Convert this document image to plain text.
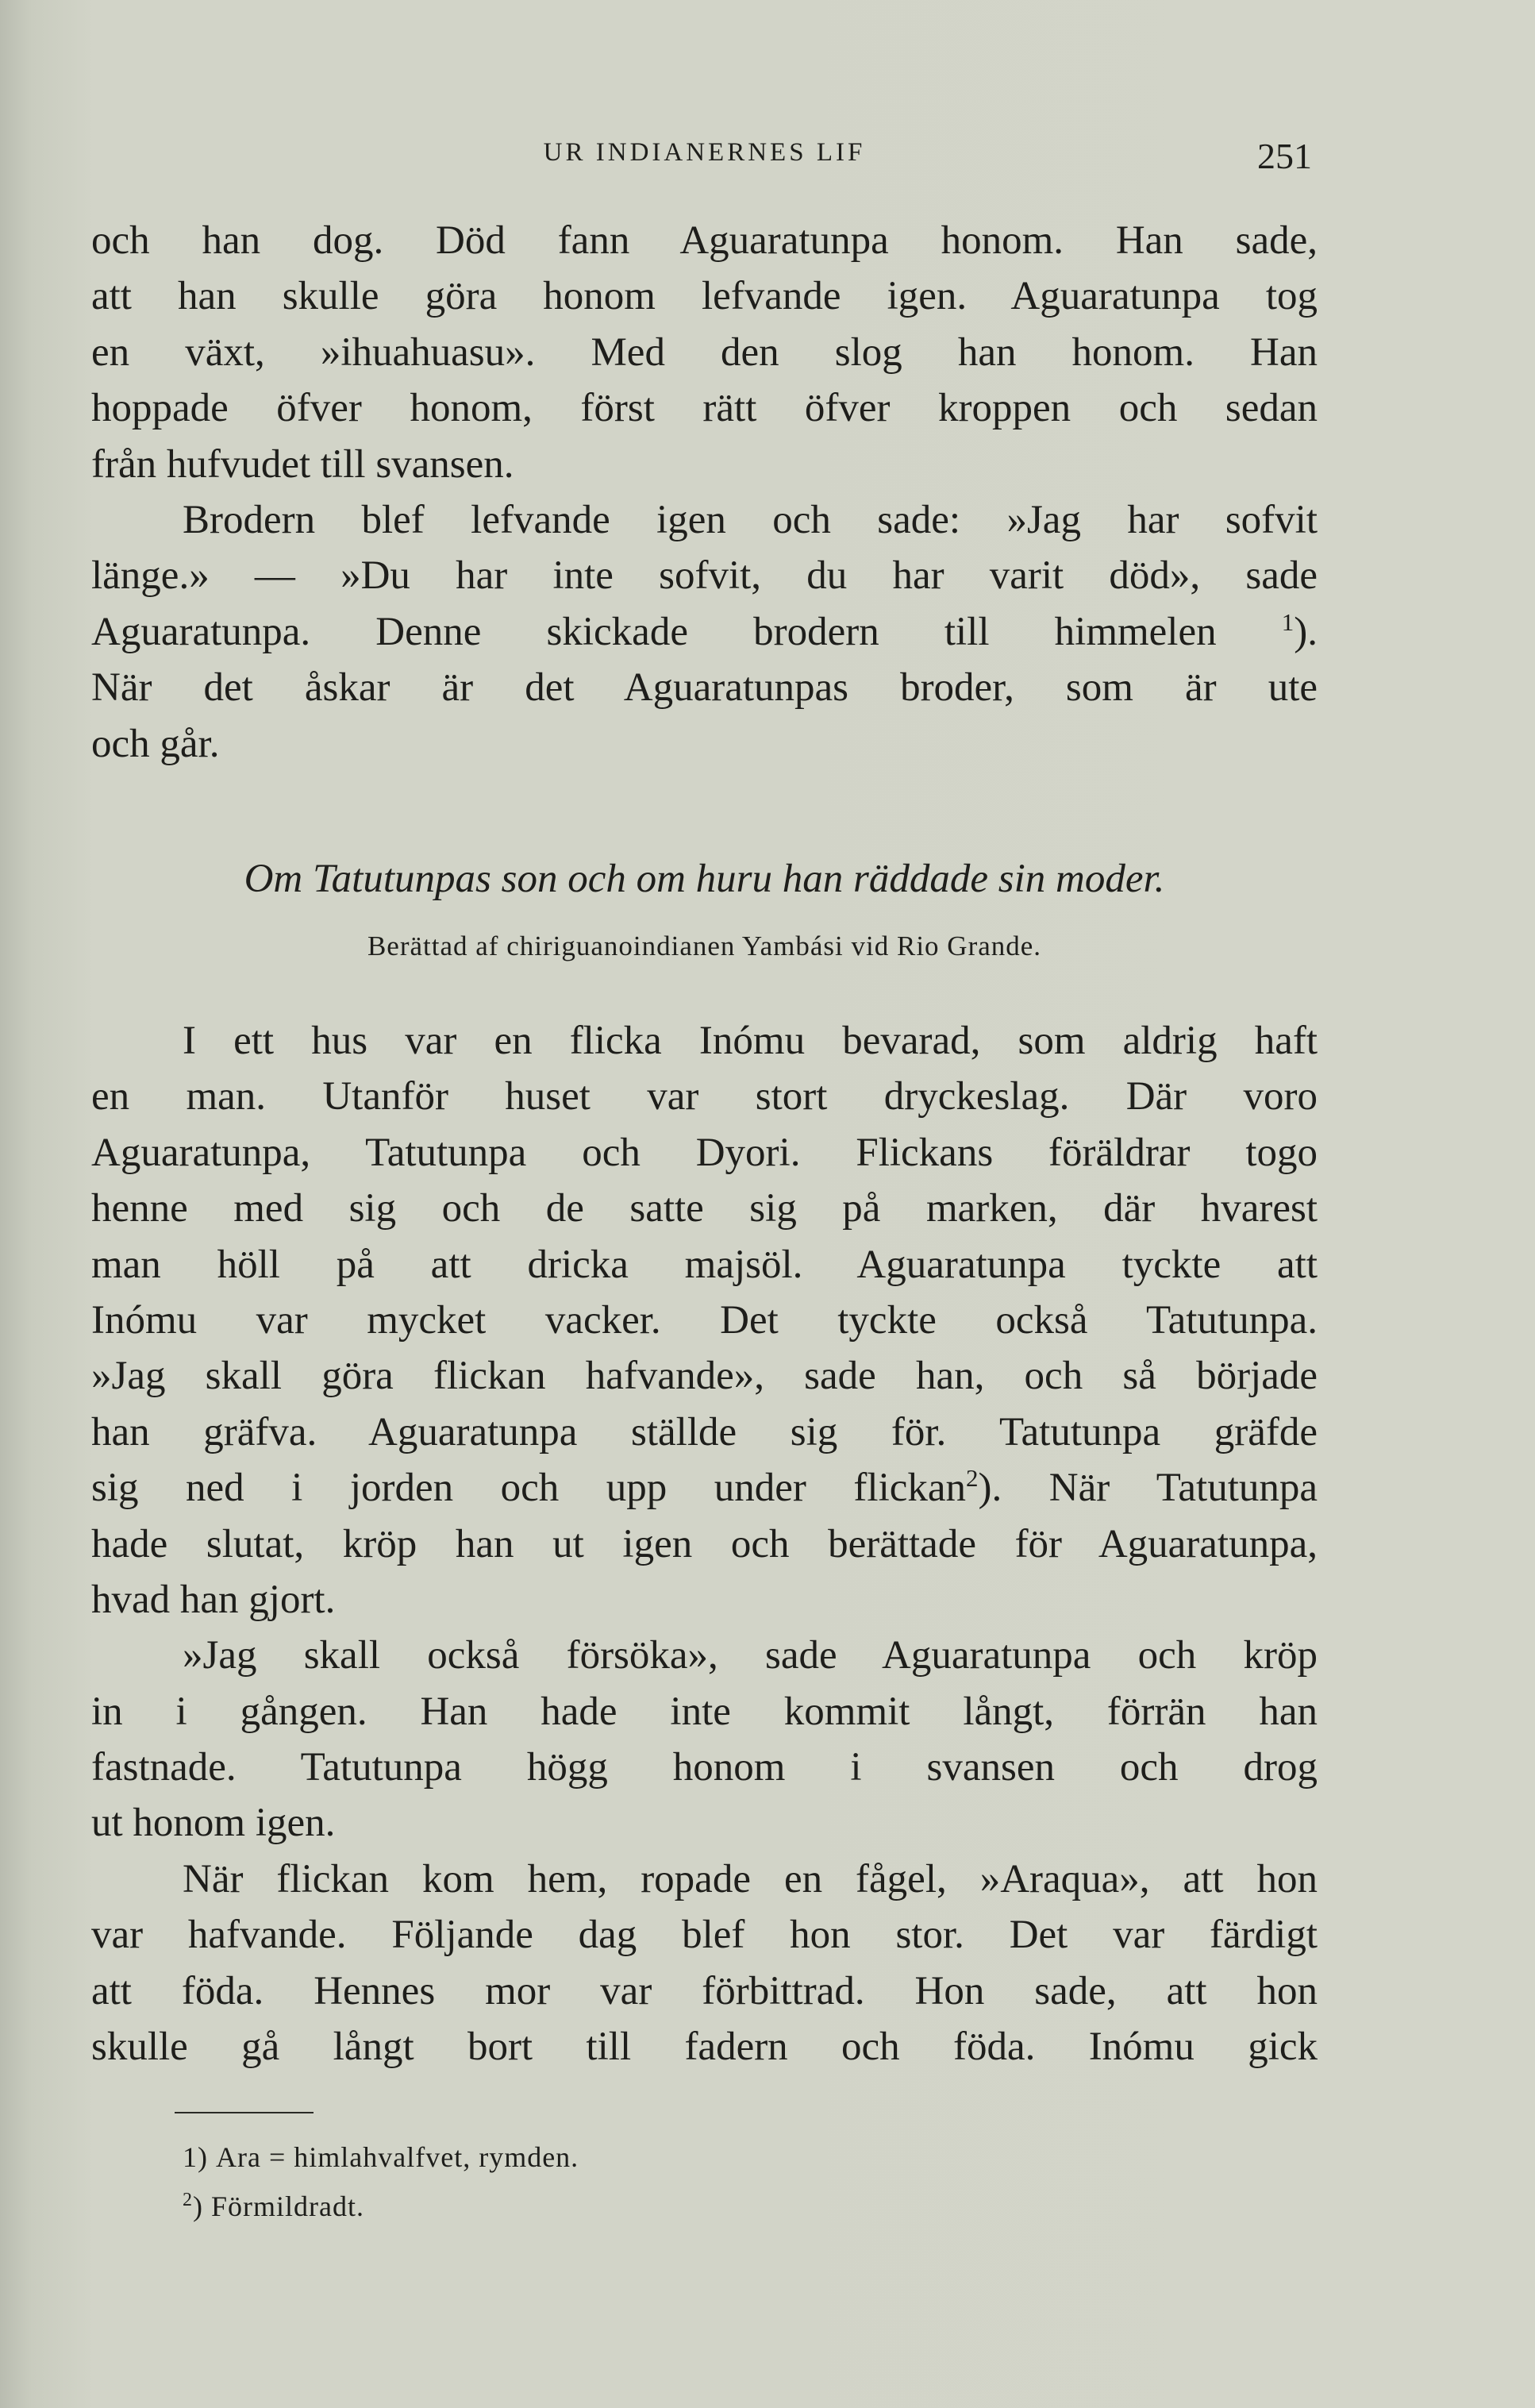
UR INDIANERNES LIF	251
och han dog. Död fann Aguaratunpa honom. Han sade,
att han skulle göra honom lefvande igen. Aguaratunpa tog
en växt, »ihuahuasu». Med den slog han honom. Han
hoppade öfver honom, först rätt öfver kroppen och sedan
från hufvudet till svansen.
Brodern blef lefvande igen och sade: »Jag har sofvit
länge.» — »Du har inte sofvit, du har varit död», sade
Aguaratunpa. Denne skickade brodern till himmelen	$^1$).
När det åskar är det Aguaratunpas broder, som är ute
och går.
Om Tatutunpas son och om huru han räddade sin moder.
Berättad af chiriguanoindianen Yambási vid Rio Grande.
I ett hus var en flicka Inómu bevarad, som aldrig haft
en man. Utanför huset var stort dryckeslag. Där voro
Aguaratunpa, Tatutunpa och Dyori. Flickans föräldrar togo
henne med sig och de satte sig på marken, där hvarest
man höll på att dricka majsöl. Aguaratunpa tyckte att
Inómu var mycket vacker. Det tyckte också Tatutunpa.
»Jag skall göra flickan hafvande», sade han, och så började
han gräfva. Aguaratunpa ställde sig för. Tatutunpa gräfde
sig ned i jorden och upp under flickan$^2$). När Tatutunpa
hade slutat, kröp han ut igen och berättade för Aguaratunpa,
hvad han gjort.
»Jag skall också försöka», sade Aguaratunpa och kröp
in i gången. Han hade inte kommit långt, förrän han
fastnade. Tatutunpa högg honom i svansen och drog
ut honom igen.
När flickan kom hem, ropade en fågel, »Araqua», att hon
var hafvande. Följande dag blef hon stor. Det var färdigt
att föda. Hennes mor var förbittrad. Hon sade, att hon
skulle gå långt bort till fadern och föda. Inómu gick
1) Ara = himlahvalfvet, rymden.
$^2$) Förmildradt.
